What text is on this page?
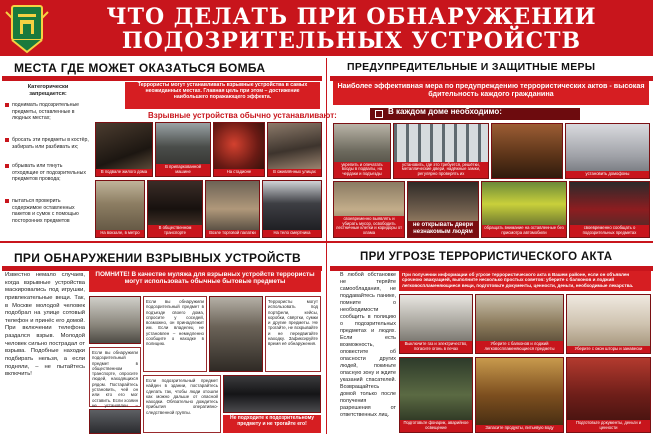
ЧТО ДЕЛАТЬ ПРИ ОБНАРУЖЕНИИ
ПОДОЗРИТЕЛЬНЫХ УСТРОЙСТВ
МЕСТА ГДЕ МОЖЕТ ОКАЗАТЬСЯ БОМБА
Категорически запрещается:
поднимать подозрительные предметы, оставленные в людных местах;
бросать эти предметы в костёр, забирать или разбивать их;
обрывать или тянуть отходящие от подозрительных предметов провода;
пытаться проверить содержимое оставленных пакетов и сумок с помощью посторонних предметов
Террористы могут устанавливать взрывные устройства в самых неожиданных местах. Главная цель при этом – достижение наибольшего поражающего эффекта.
Взрывные устройства обычно устанавливают:
В подвале жилого дома
В припаркованной машине	На стадионе	В оживлённых улицах
На вокзале, в метро
В общественном транспорте	Возле торговой палатки	На тело смертника
ПРЕДУПРЕДИТЕЛЬНЫЕ И ЗАЩИТНЫЕ МЕРЫ
Наиболее эффективная мера по предупреждению террористических актов - высокая бдительность каждого гражданина
В каждом доме необходимо:
укрепить и опечатать входы в подвалы, на чердаки и подъезды
установить, где это требуется, решётки, металлические двери, надёжные замки, регулярно проверять их	установить домофоны
своевременно выявлять и убирать мусор, освободить лестничные клетки и коридоры от хлама
не открывать двери незнакомым людям
обращать внимание на оставленные без присмотра автомобили
своевременно сообщать о подозрительных предметах
ПРИ ОБНАРУЖЕНИИ ВЗРЫВНЫХ УСТРОЙСТВ
Известно немало случаев, когда взрывные устройства маскировались под игрушки, привлекательные вещи. Так, в Москве молодой человек подобрал на улице сотовый телефон и принёс его домой. При включении телефона раздался взрыв. Молодой человек сильно пострадал от взрыва. Подобные находки подбирать нельзя, а если подняли, – не пытайтесь включить!
ПОМНИТЕ! В качестве муляжа для взрывных устройств террористы могут использовать обычные бытовые предметы
Если вы обнаружили подозрительный предмет в подъезде своего дома, спросите у соседей, возможно, он принадлежит им. Если владелец не установлен – немедленно сообщите о находке в полицию.
Террористы могут использовать под портфели, кейсы, коробки, свёртки, сумки и другие предметы. Не трогайте, не вскрывайте и не передвигайте находку. Зафиксируйте время её обнаружения.
Если вы обнаружили подозрительный предмет в общественном транспорте, опросите людей, находящихся рядом. Постарайтесь установить, чей он или кто его мог оставить. Если хозяин не установлен –
Если подозрительный предмет найден в здании, постарайтесь сделать так, чтобы люди отошли как можно дальше от опасной находки. Обязательно дождитесь прибытия оперативно-следственной группы.
Не подходите к подозрительному предмету и не трогайте его!
ПРИ УГРОЗЕ ТЕРРОРИСТИЧЕСКОГО АКТА
В любой обстановке не теряйте самообладания, не поддавайтесь панике, помните о необходимости сообщить в полицию о подозрительных предметах и людях. Если есть возможность, оповестите об опасности других людей, покиньте опасную зону и ждите указаний спасателей. Возвращайтесь домой только после получения разрешения от ответственных лиц.
При получении информации об угрозе террористического акта в Вашем районе, если он объявлен срочною эвакуацией, выполните несколько простых советов: уберите с балконов и лоджий легковоспламеняющиеся вещи, подготовьте документы, ценности, деньги, необходимые лекарства.
Выключите газ и электричество, погасите огонь в печах
Уберите с балконов и лоджий легковоспламеняющиеся предметы	Уберите с окон шторы и занавески
Подготовьте фонарик, аварийное освещение	Запасите продукты, питьевую воду
Подготовьте документы, деньги и ценности
